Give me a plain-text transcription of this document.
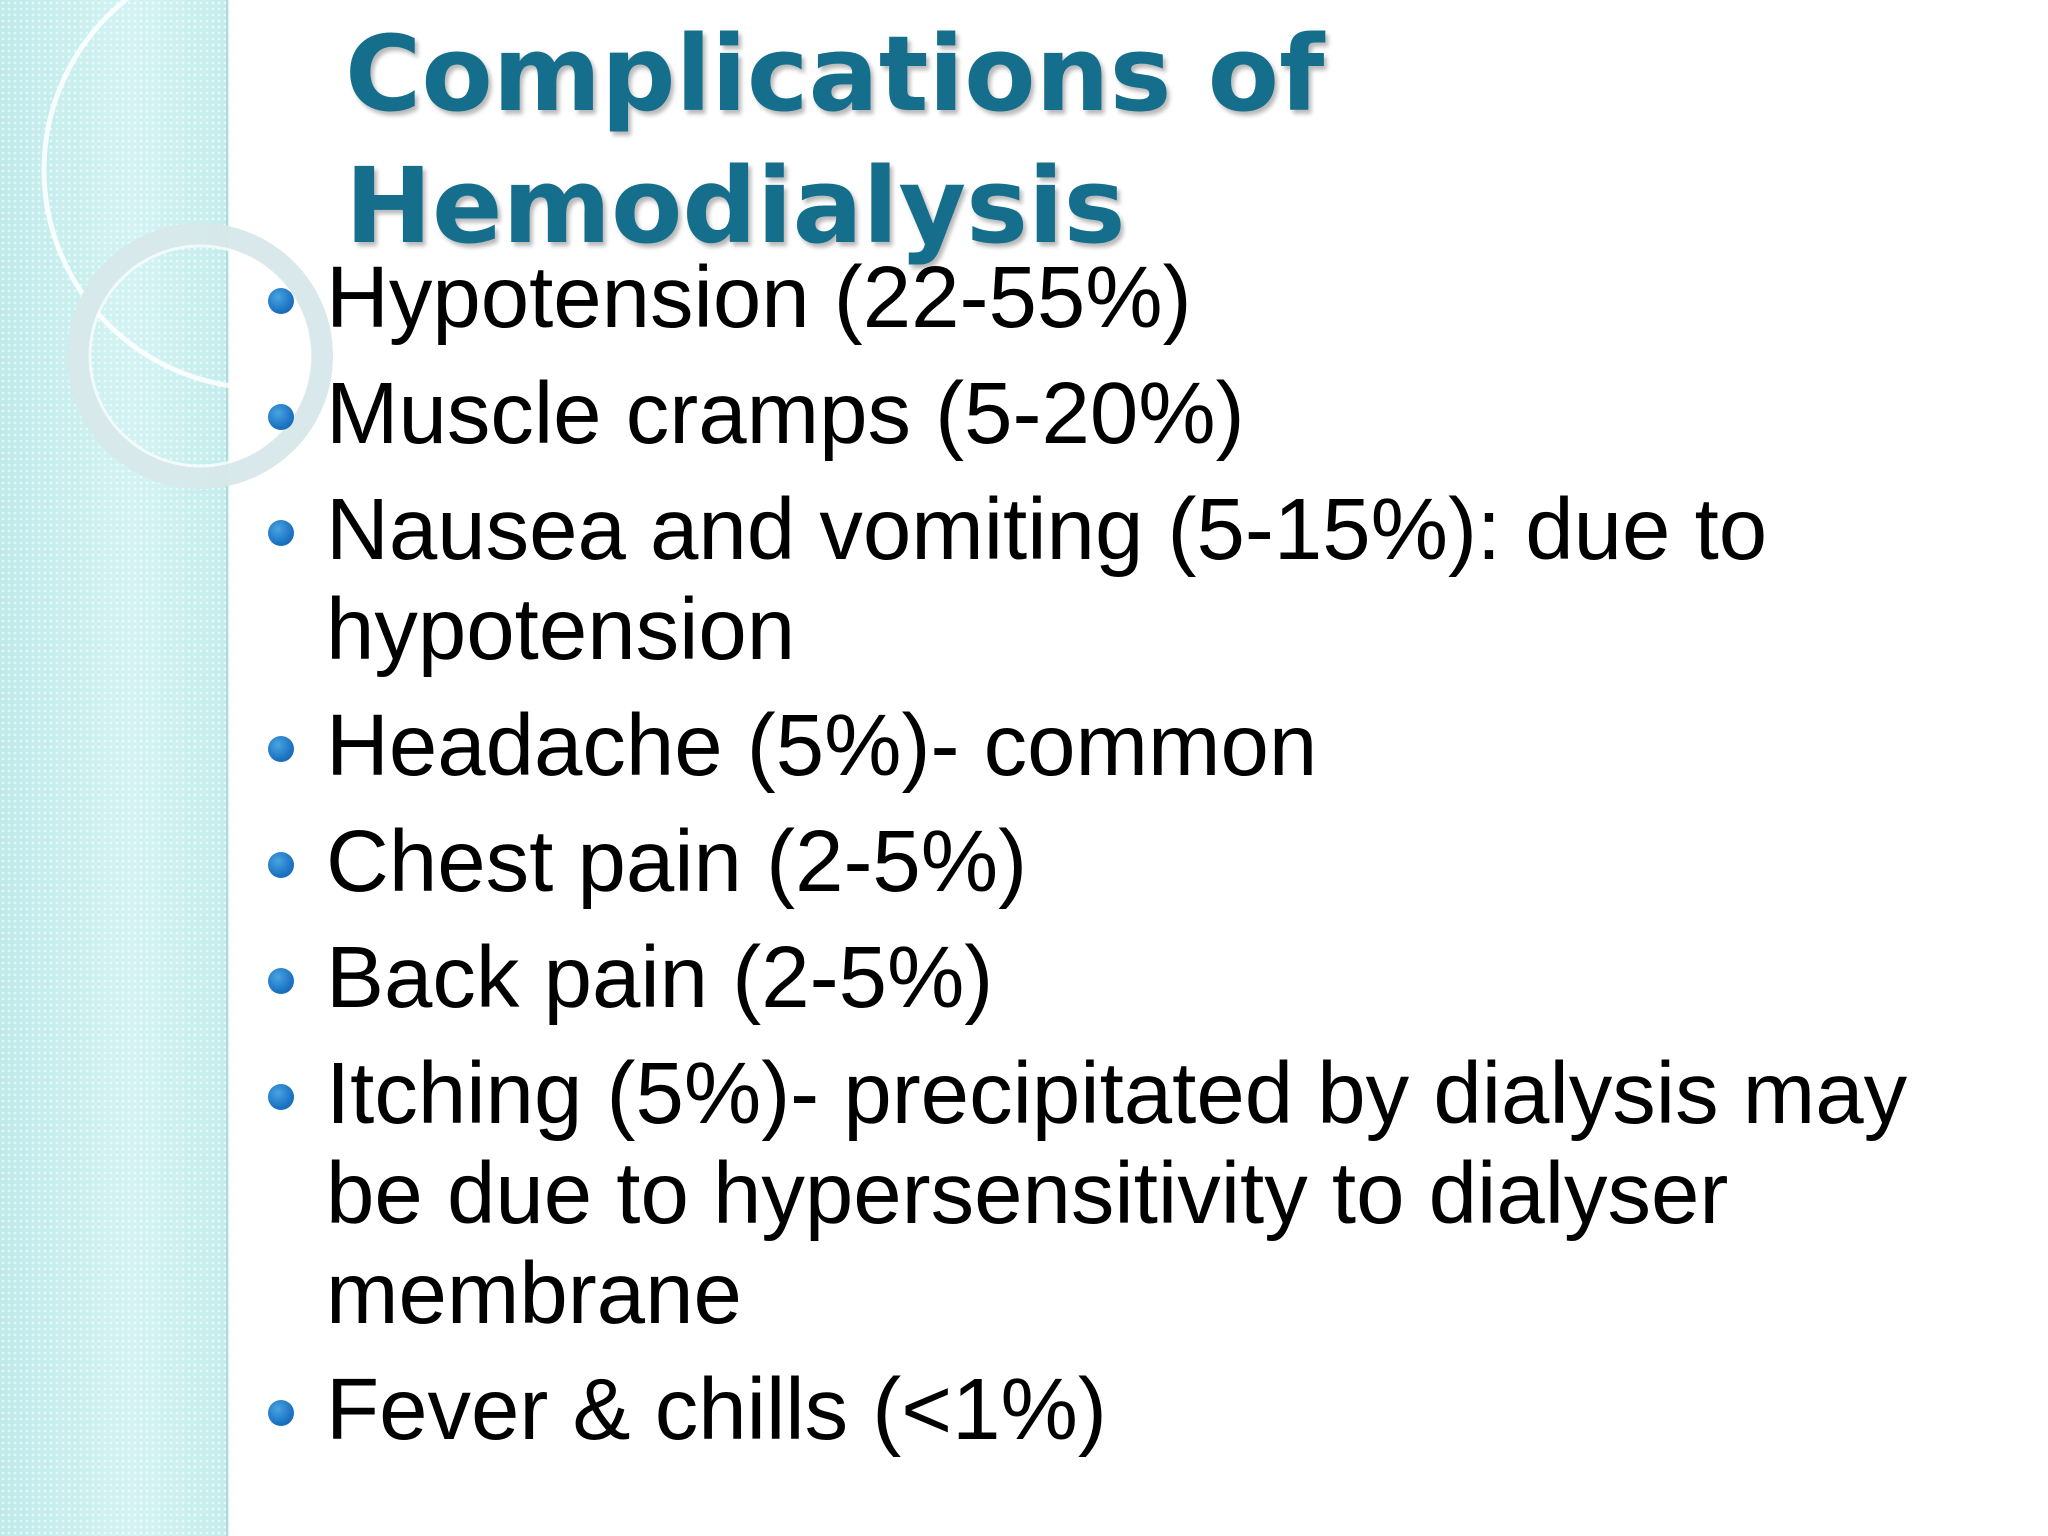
Complications of
Hemodialysis
Hypotension (22-55%)
Muscle cramps (5-20%)
Nausea and vomiting (5-15%): due to hypotension
Headache (5%)- common
Chest pain (2-5%)
Back pain (2-5%)
Itching (5%)- precipitated by dialysis may be due to hypersensitivity to dialyser membrane
Fever & chills (<1%)
